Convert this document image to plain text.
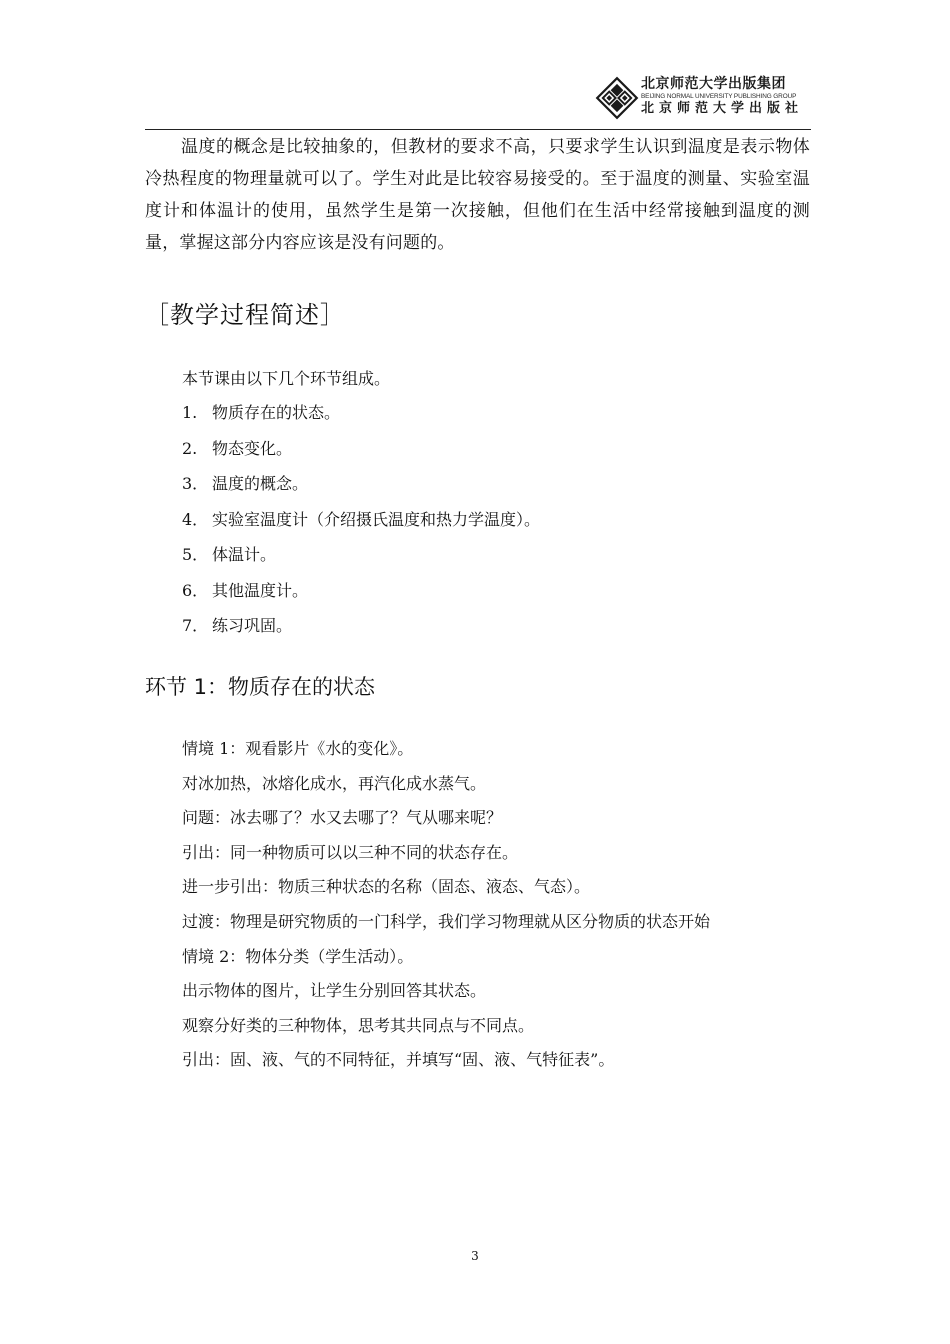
北京师范大学出版集团
BEIJING NORMAL UNIVERSITY PUBLISHING GROUP
北京师范大学出版社

温度的概念是比较抽象的，但教材的要求不高，只要求学生认识到温度是表示物体冷热程度的物理量就可以了。学生对此是比较容易接受的。至于温度的测量、实验室温度计和体温计的使用，虽然学生是第一次接触，但他们在生活中经常接触到温度的测量，掌握这部分内容应该是没有问题的。

［教学过程简述］

本节课由以下几个环节组成。

1. 物质存在的状态。
2. 物态变化。
3． 温度的概念。
4． 实验室温度计（介绍摄氏温度和热力学温度）。
5． 体温计。
6． 其他温度计。
7． 练习巩固。
环节 1：物质存在的状态
情境 1：观看影片《水的变化》。
对冰加热，冰熔化成水，再汽化成水蒸气。
问题：冰去哪了？水又去哪了？气从哪来呢？
引出：同一种物质可以以三种不同的状态存在。
进一步引出：物质三种状态的名称（固态、液态、气态）。
过渡：物理是研究物质的一门科学，我们学习物理就从区分物质的状态开始
情境 2：物体分类（学生活动）。
出示物体的图片，让学生分别回答其状态。
观察分好类的三种物体，思考其共同点与不同点。
引出：固、液、气的不同特征，并填写“固、液、气特征表”。
3
